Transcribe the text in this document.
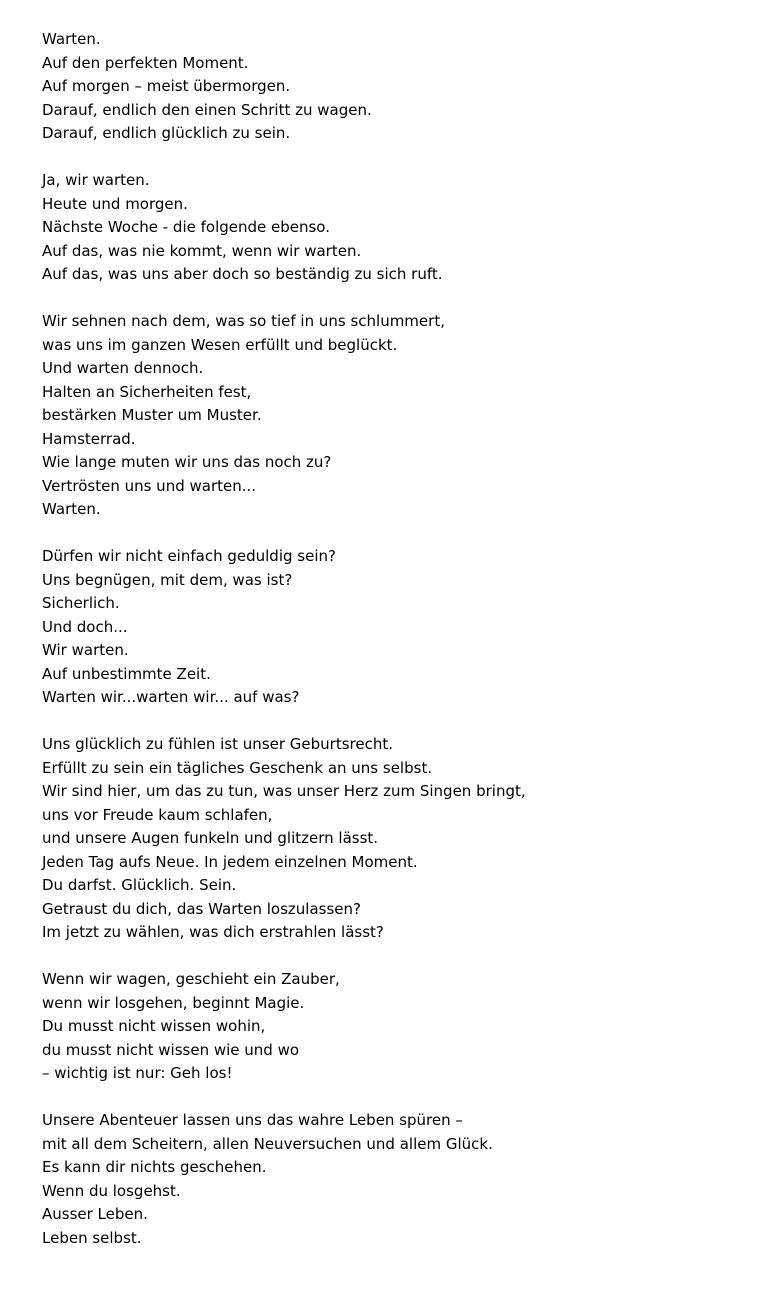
Warten.
Auf den perfekten Moment.
Auf morgen – meist übermorgen.
Darauf, endlich den einen Schritt zu wagen.
Darauf, endlich glücklich zu sein.
Ja, wir warten.
Heute und morgen.
Nächste Woche - die folgende ebenso.
Auf das, was nie kommt, wenn wir warten.
Auf das, was uns aber doch so beständig zu sich ruft.
Wir sehnen nach dem, was so tief in uns schlummert,
was uns im ganzen Wesen erfüllt und beglückt.
Und warten dennoch.
Halten an Sicherheiten fest,
bestärken Muster um Muster.
Hamsterrad.
Wie lange muten wir uns das noch zu?
Vertrösten uns und warten...
Warten.
Dürfen wir nicht einfach geduldig sein?
Uns begnügen, mit dem, was ist?
Sicherlich.
Und doch...
Wir warten.
Auf unbestimmte Zeit.
Warten wir...warten wir... auf was?
Uns glücklich zu fühlen ist unser Geburtsrecht.
Erfüllt zu sein ein tägliches Geschenk an uns selbst.
Wir sind hier, um das zu tun, was unser Herz zum Singen bringt,
uns vor Freude kaum schlafen,
und unsere Augen funkeln und glitzern lässt.
Jeden Tag aufs Neue. In jedem einzelnen Moment.
Du darfst. Glücklich. Sein.
Getraust du dich, das Warten loszulassen?
Im jetzt zu wählen, was dich erstrahlen lässt?
Wenn wir wagen, geschieht ein Zauber,
wenn wir losgehen, beginnt Magie.
Du musst nicht wissen wohin,
du musst nicht wissen wie und wo
– wichtig ist nur: Geh los!
Unsere Abenteuer lassen uns das wahre Leben spüren –
mit all dem Scheitern, allen Neuversuchen und allem Glück.
Es kann dir nichts geschehen.
Wenn du losgehst.
Ausser Leben.
Leben selbst.
